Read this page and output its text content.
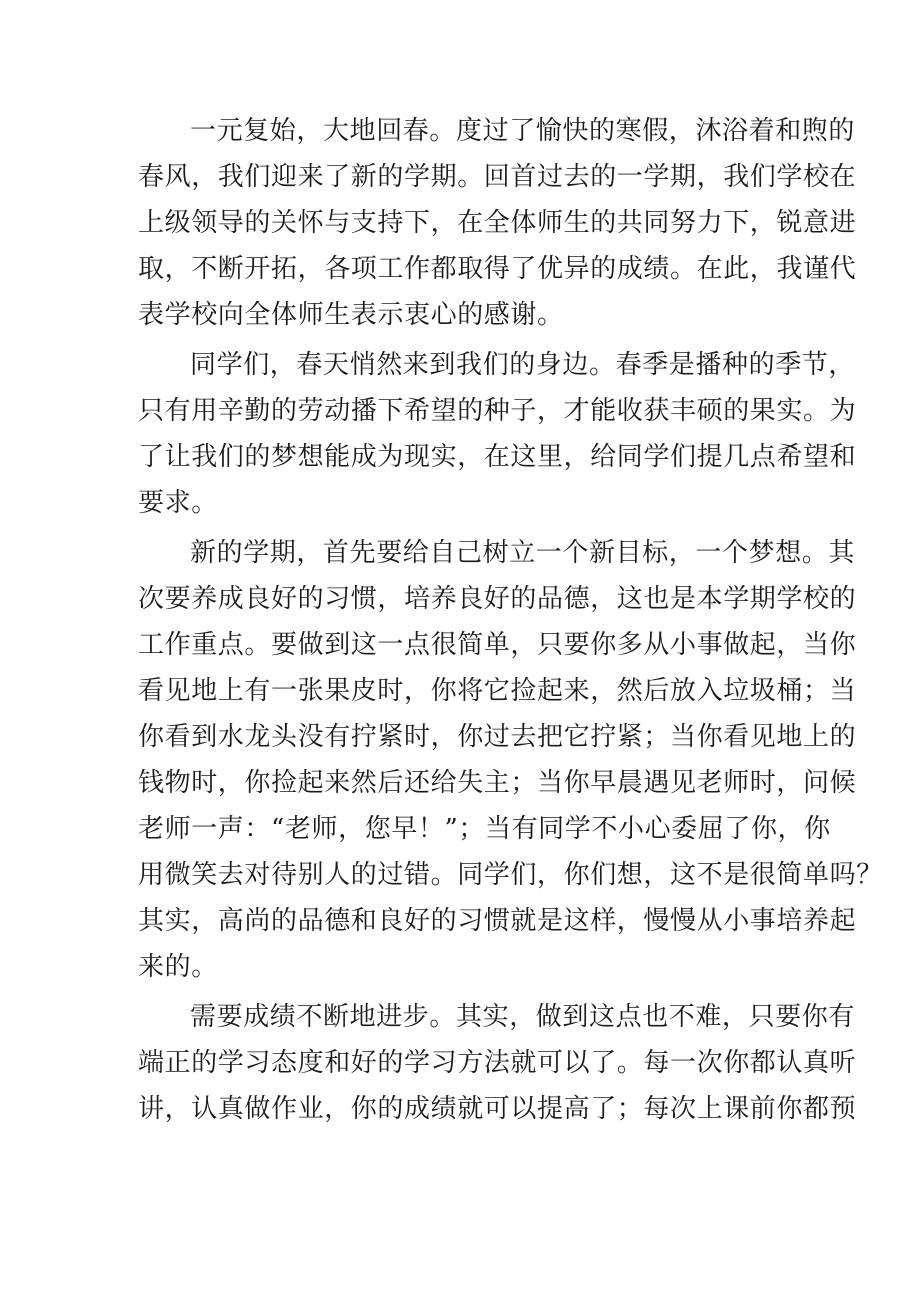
一元复始，大地回春。度过了愉快的寒假，沐浴着和煦的
春风，我们迎来了新的学期。回首过去的一学期，我们学校在
上级领导的关怀与支持下，在全体师生的共同努力下，锐意进
取，不断开拓，各项工作都取得了优异的成绩。在此，我谨代
表学校向全体师生表示衷心的感谢。
同学们，春天悄然来到我们的身边。春季是播种的季节，
只有用辛勤的劳动播下希望的种子，才能收获丰硕的果实。为
了让我们的梦想能成为现实，在这里，给同学们提几点希望和
要求。
新的学期，首先要给自己树立一个新目标，一个梦想。其
次要养成良好的习惯，培养良好的品德，这也是本学期学校的
工作重点。要做到这一点很简单，只要你多从小事做起，当你
看见地上有一张果皮时，你将它捡起来，然后放入垃圾桶；当
你看到水龙头没有拧紧时，你过去把它拧紧；当你看见地上的
钱物时，你捡起来然后还给失主；当你早晨遇见老师时，问候
老师一声：“老师，您早！”；当有同学不小心委屈了你，你
用微笑去对待别人的过错。同学们，你们想，这不是很简单吗？
其实，高尚的品德和良好的习惯就是这样，慢慢从小事培养起
来的。
需要成绩不断地进步。其实，做到这点也不难，只要你有
端正的学习态度和好的学习方法就可以了。每一次你都认真听
讲，认真做作业，你的成绩就可以提高了；每次上课前你都预
